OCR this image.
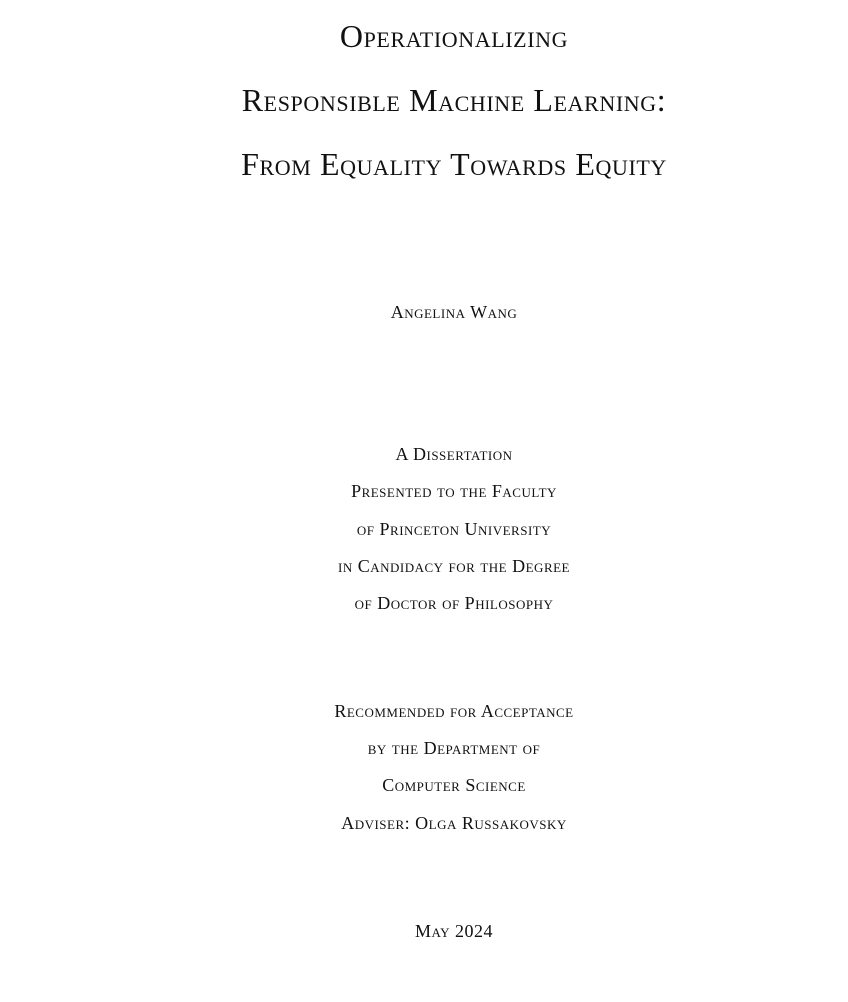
Operationalizing
Responsible Machine Learning:
From Equality Towards Equity
Angelina Wang
A Dissertation
Presented to the Faculty
of Princeton University
in Candidacy for the Degree
of Doctor of Philosophy
Recommended for Acceptance
by the Department of
Computer Science
Adviser: Olga Russakovsky
May 2024
